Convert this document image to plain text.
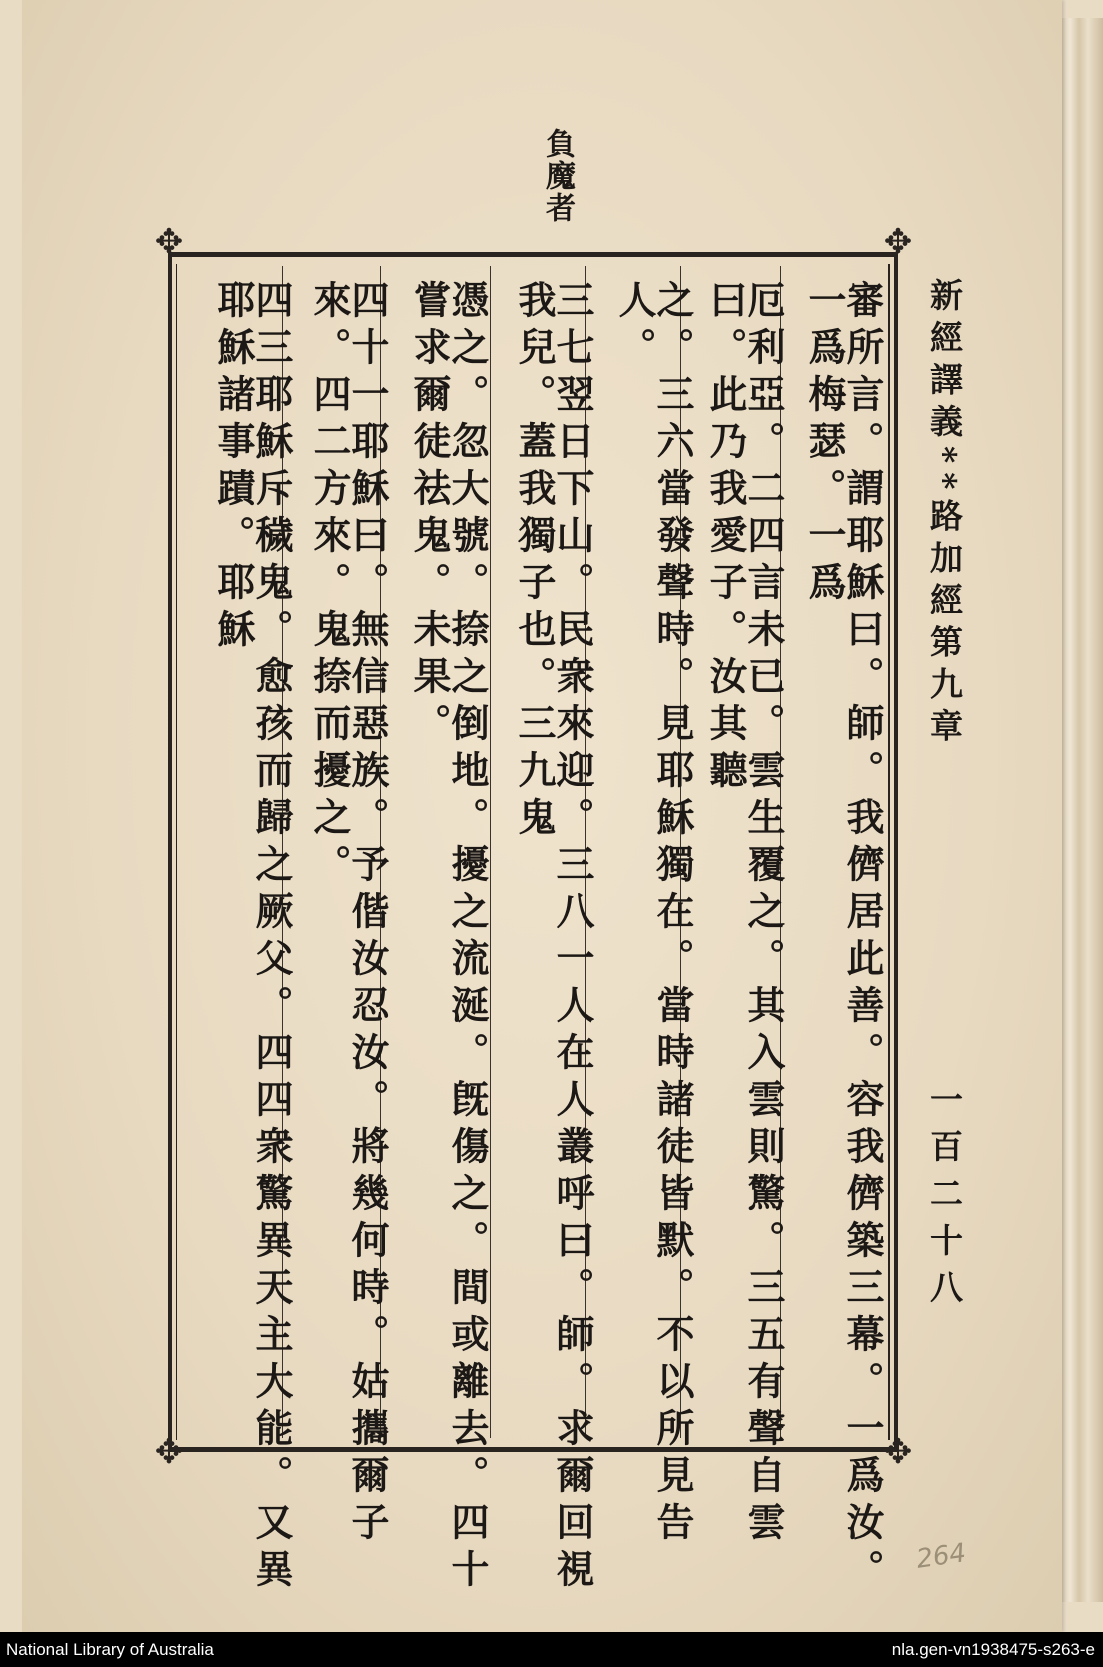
負魔者
新經譯義**路加經第九章
一百二十八
264
✥	✥
✥	✥
審所言。謂耶穌曰。師。我儕居此善。容我儕築三幕。一爲汝。一爲梅瑟。一爲
厄利亞。二四言未已。雲生覆之。其入雲則驚。三五有聲自雲曰。此乃我愛子。汝其聽
之。三六當發聲時。見耶穌獨在。當時諸徒皆默。不以所見告人。
三七翌日下山。民衆來迎。三八一人在人叢呼曰。師。求爾回視我兒。蓋我獨子也。三九鬼
憑之。忽大號。捺之倒地。擾之流涎。旣傷之。間或離去。四十嘗求爾徒祛鬼。未果。
四十一耶穌曰。無信惡族。予偕汝忍汝。將幾何時。姑攜爾子來。四二方來。鬼捺而擾之。
四三耶穌斥穢鬼。愈孩而歸之厥父。四四衆驚異天主大能。又異耶穌諸事蹟。耶穌
National Library of Australia	nla.gen-vn1938475-s263-e
